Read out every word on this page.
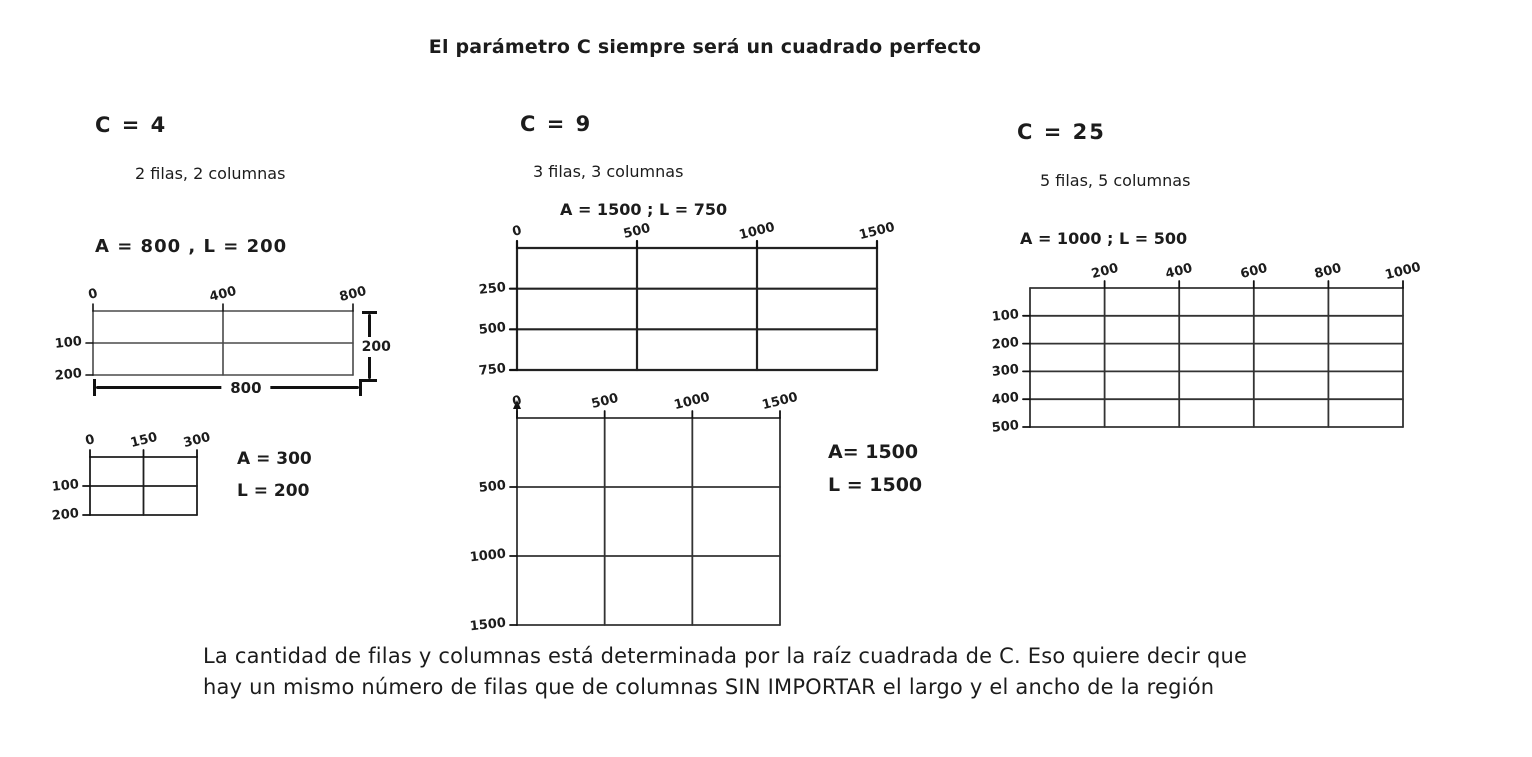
El parámetro C siempre será un cuadrado perfecto
C = 4
2 filas, 2 columnas
A = 800 , L = 200
0	400	800
100
200
800
200
0 150 300
100
200
A = 300
L = 200
C = 9
3 filas, 3 columnas
A = 1500 ; L = 750
0	500	1000	1500
250
500
750
0	500	1000	1500
500
1000
1500
A= 1500
L = 1500
C = 25
5 filas, 5 columnas
A = 1000 ; L = 500
200	400	600	800	1000
100
200
300
400
500
La cantidad de filas y columnas está determinada por la raíz cuadrada de C. Eso quiere decir que
hay un mismo número de filas que de columnas SIN IMPORTAR el largo y el ancho de la región
